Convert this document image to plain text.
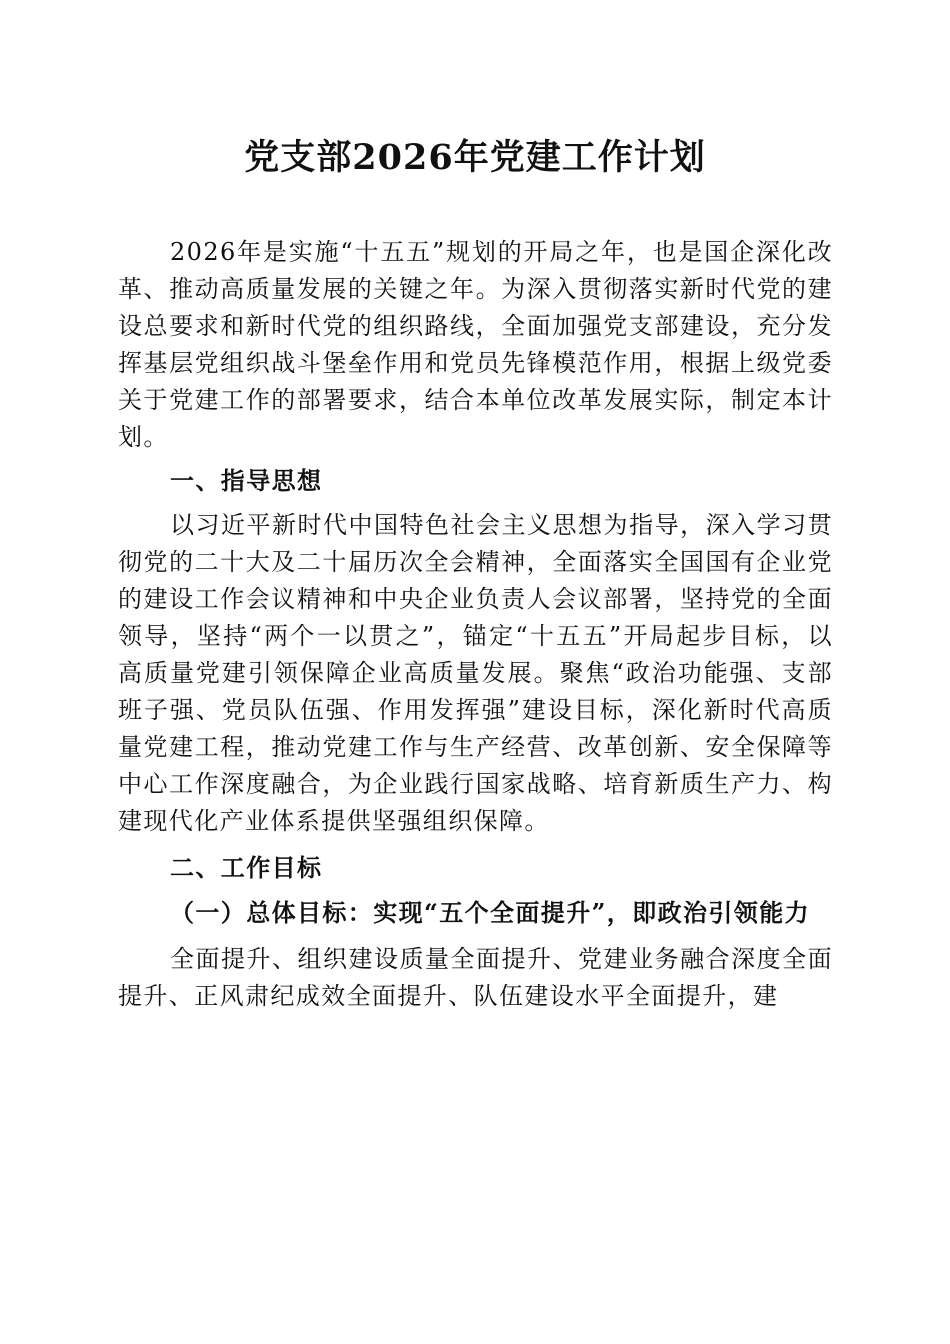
党支部2026年党建工作计划

2026年是实施“十五五”规划的开局之年，也是国企深化改革、推动高质量发展的关键之年。为深入贯彻落实新时代党的建设总要求和新时代党的组织路线，全面加强党支部建设，充分发挥基层党组织战斗堡垒作用和党员先锋模范作用，根据上级党委关于党建工作的部署要求，结合本单位改革发展实际，制定本计划。

一、指导思想

以习近平新时代中国特色社会主义思想为指导，深入学习贯彻党的二十大及二十届历次全会精神，全面落实全国国有企业党的建设工作会议精神和中央企业负责人会议部署，坚持党的全面领导，坚持“两个一以贯之”，锚定“十五五”开局起步目标，以高质量党建引领保障企业高质量发展。聚焦“政治功能强、支部班子强、党员队伍强、作用发挥强”建设目标，深化新时代高质量党建工程，推动党建工作与生产经营、改革创新、安全保障等中心工作深度融合，为企业践行国家战略、培育新质生产力、构建现代化产业体系提供坚强组织保障。

二、工作目标

（一）总体目标：实现“五个全面提升”，即政治引领能力

全面提升、组织建设质量全面提升、党建业务融合深度全面提升、正风肃纪成效全面提升、队伍建设水平全面提升，建
